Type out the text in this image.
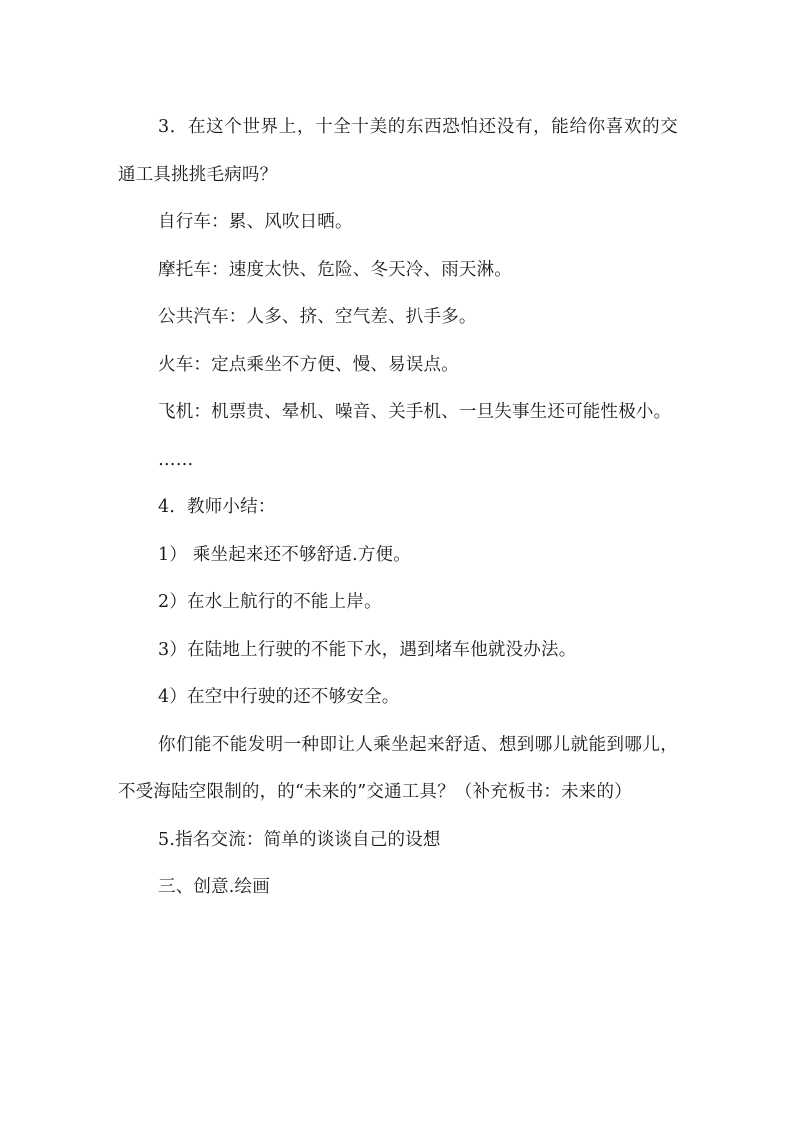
3．在这个世界上，十全十美的东西恐怕还没有，能给你喜欢的交通工具挑挑毛病吗？

自行车：累、风吹日晒。

摩托车：速度太快、危险、冬天冷、雨天淋。

公共汽车：人多、挤、空气差、扒手多。

火车：定点乘坐不方便、慢、易误点。

飞机：机票贵、晕机、噪音、关手机、一旦失事生还可能性极小。

……

4．教师小结：

1） 乘坐起来还不够舒适.方便。

2）在水上航行的不能上岸。

3）在陆地上行驶的不能下水，遇到堵车他就没办法。

4）在空中行驶的还不够安全。

你们能不能发明一种即让人乘坐起来舒适、想到哪儿就能到哪儿，不受海陆空限制的，的“未来的”交通工具？（补充板书：未来的）

5.指名交流：简单的谈谈自己的设想

三、创意.绘画
